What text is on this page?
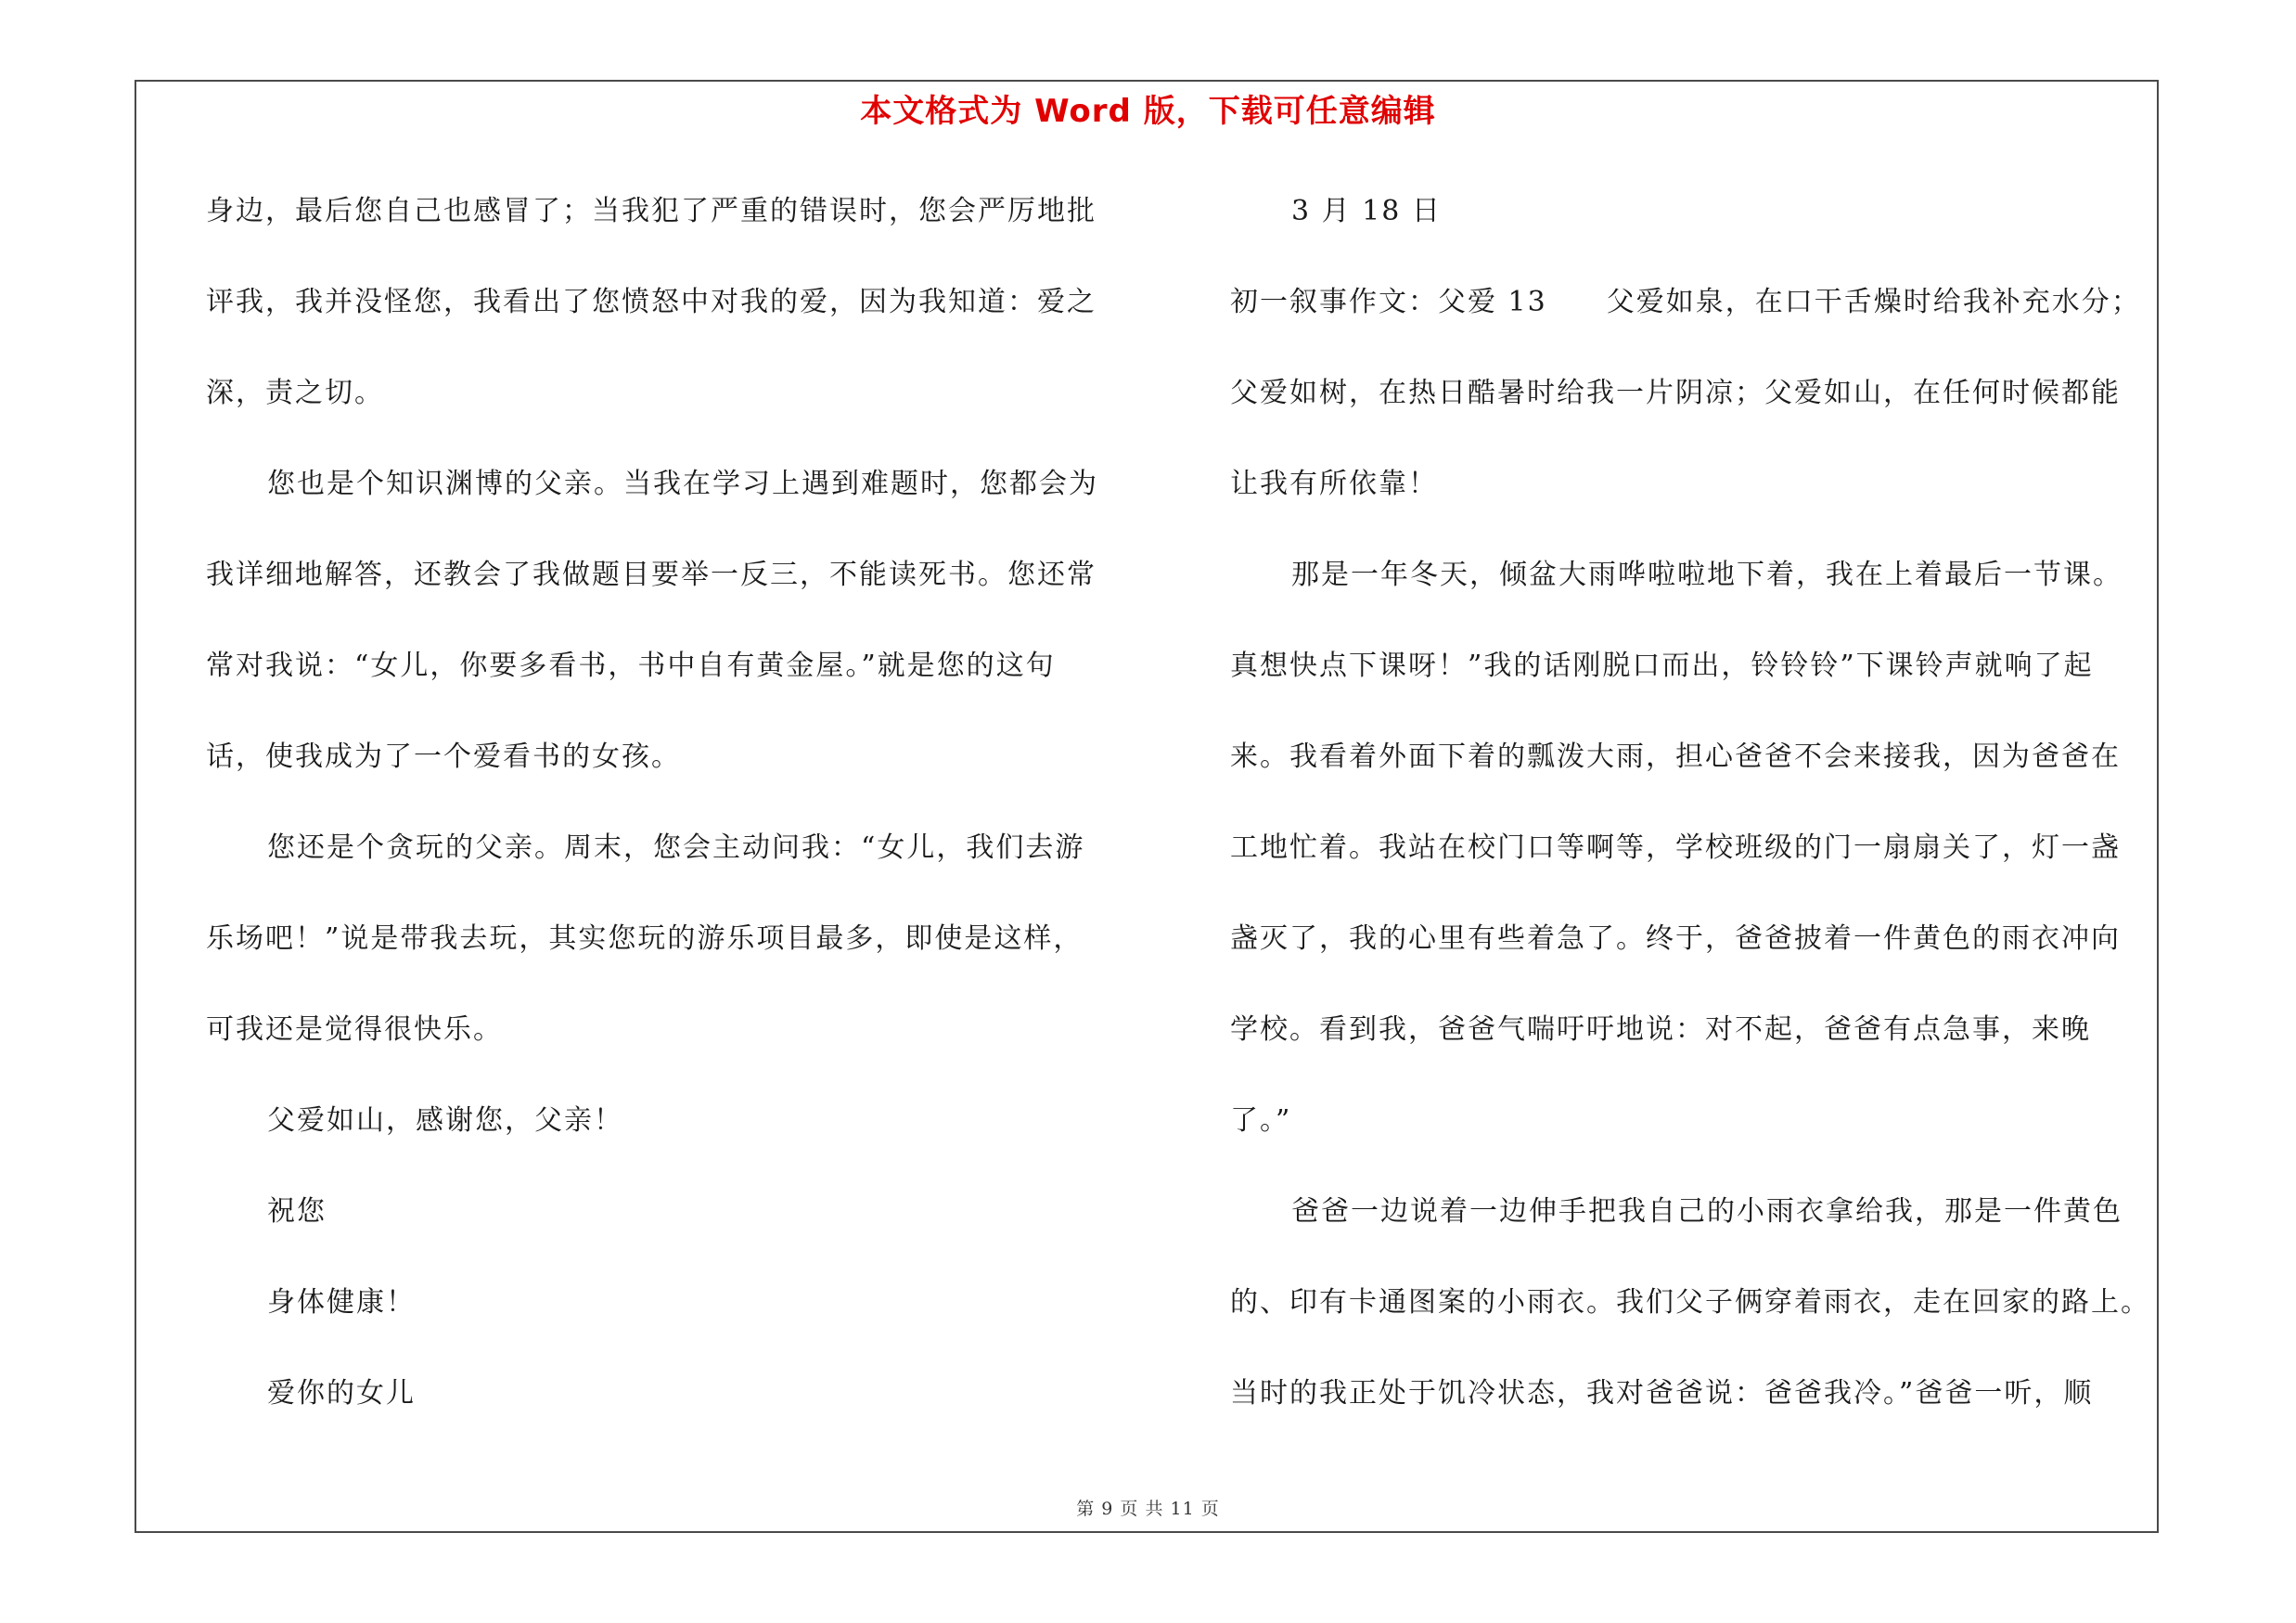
本文格式为 Word 版，下载可任意编辑
身边，最后您自己也感冒了；当我犯了严重的错误时，您会严厉地批
评我，我并没怪您，我看出了您愤怒中对我的爱，因为我知道：爱之
深，责之切。
您也是个知识渊博的父亲。当我在学习上遇到难题时，您都会为
我详细地解答，还教会了我做题目要举一反三，不能读死书。您还常
常对我说：“女儿，你要多看书，书中自有黄金屋。”就是您的这句
话，使我成为了一个爱看书的女孩。
您还是个贪玩的父亲。周末，您会主动问我：“女儿，我们去游
乐场吧！”说是带我去玩，其实您玩的游乐项目最多，即使是这样，
可我还是觉得很快乐。
父爱如山，感谢您，父亲！
祝您
身体健康！
爱你的女儿
3 月 18 日
初一叙事作文：父爱 13　　父爱如泉，在口干舌燥时给我补充水分；
父爱如树，在热日酷暑时给我一片阴凉；父爱如山，在任何时候都能
让我有所依靠！
那是一年冬天，倾盆大雨哗啦啦地下着，我在上着最后一节课。
真想快点下课呀！”我的话刚脱口而出，铃铃铃”下课铃声就响了起
来。我看着外面下着的瓢泼大雨，担心爸爸不会来接我，因为爸爸在
工地忙着。我站在校门口等啊等，学校班级的门一扇扇关了，灯一盏
盏灭了，我的心里有些着急了。终于，爸爸披着一件黄色的雨衣冲向
学校。看到我，爸爸气喘吁吁地说：对不起，爸爸有点急事，来晚
了。”
爸爸一边说着一边伸手把我自己的小雨衣拿给我，那是一件黄色
的、印有卡通图案的小雨衣。我们父子俩穿着雨衣，走在回家的路上。
当时的我正处于饥冷状态，我对爸爸说：爸爸我冷。”爸爸一听，顺
第 9 页 共 11 页
